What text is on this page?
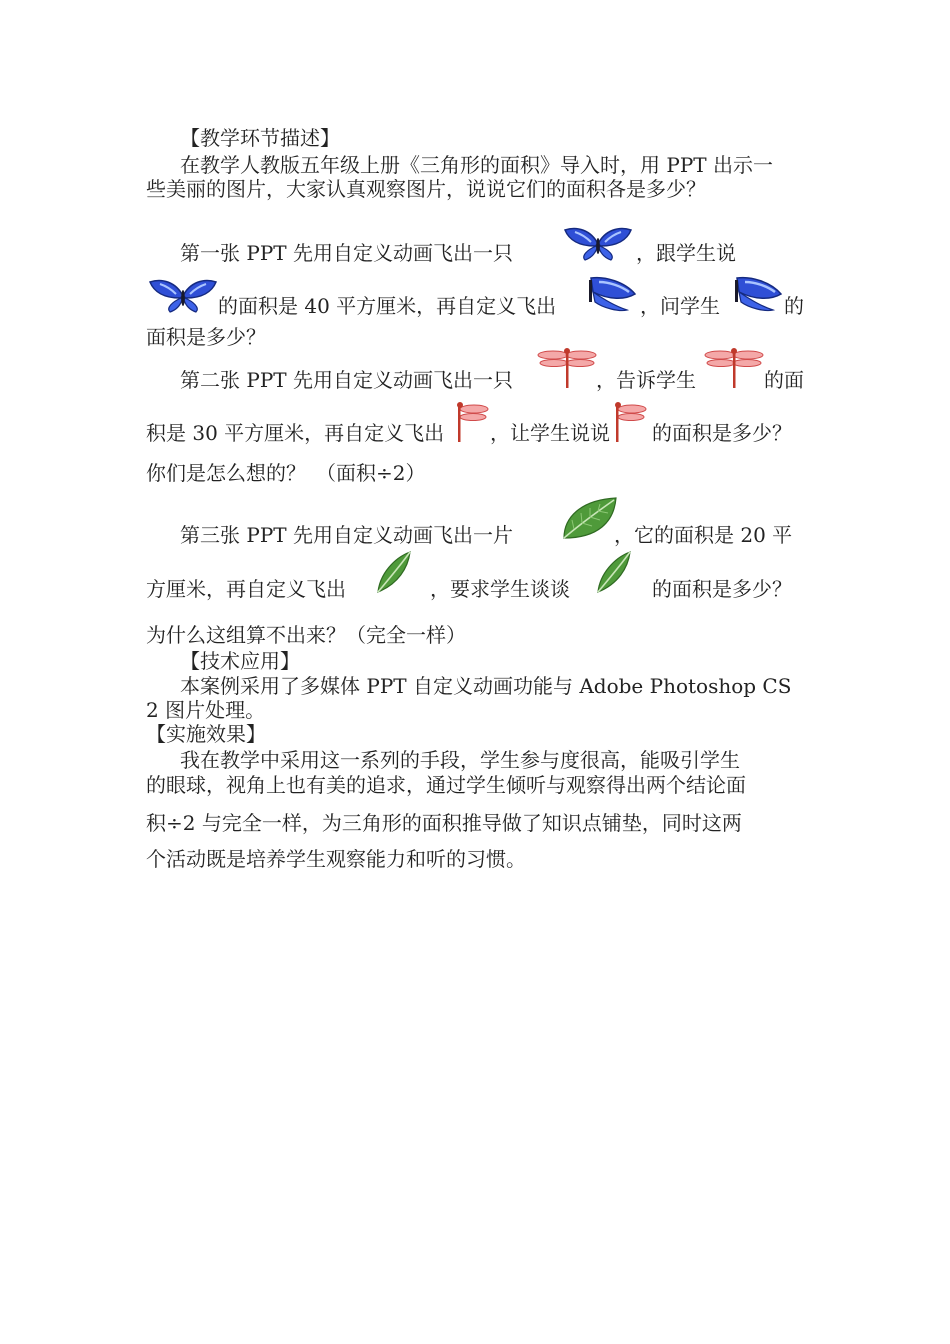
【教学环节描述】
在教学人教版五年级上册《三角形的面积》导入时，用 PPT 出示一
些美丽的图片，大家认真观察图片，说说它们的面积各是多少？
第一张 PPT 先用自定义动画飞出一只	，跟学生说
的面积是 40 平方厘米，再自定义飞出	，问学生	的
面积是多少？
第二张 PPT 先用自定义动画飞出一只	，告诉学生	的面
积是 30 平方厘米，再自定义飞出 ，让学生说说 的面积是多少？
你们是怎么想的？　（面积÷2）
第三张 PPT 先用自定义动画飞出一片	，它的面积是 20 平
方厘米，再自定义飞出	，要求学生谈谈	的面积是多少？
为什么这组算不出来？（完全一样）
【技术应用】
本案例采用了多媒体 PPT 自定义动画功能与 Adobe Photoshop CS
2 图片处理。
【实施效果】
我在教学中采用这一系列的手段，学生参与度很高，能吸引学生
的眼球，视角上也有美的追求，通过学生倾听与观察得出两个结论面
积÷2 与完全一样，为三角形的面积推导做了知识点铺垫，同时这两
个活动既是培养学生观察能力和听的习惯。
